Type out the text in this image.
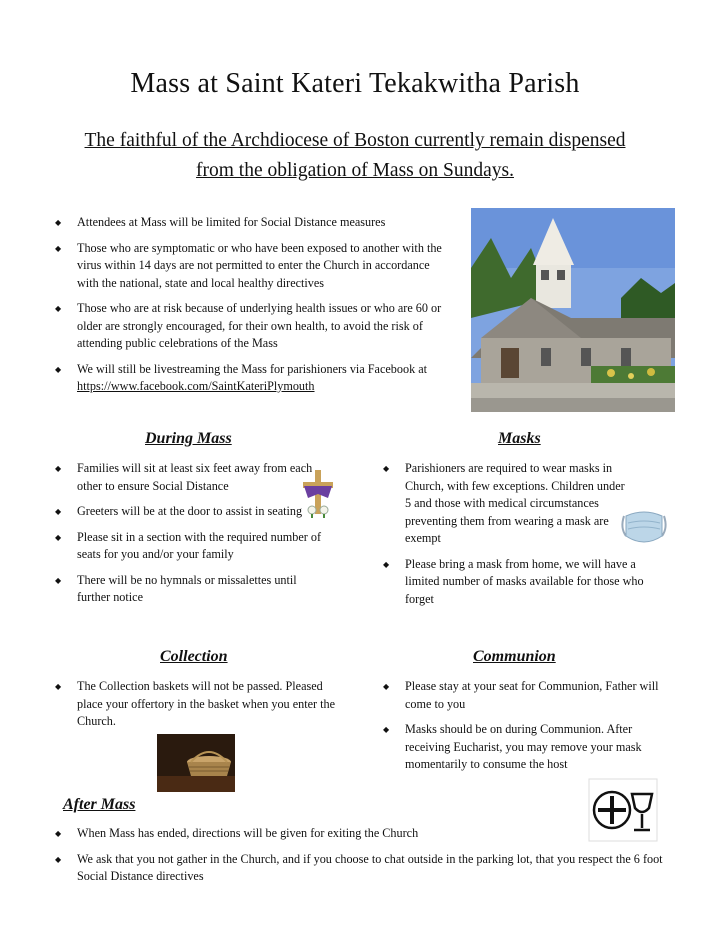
Mass at Saint Kateri Tekakwitha Parish
The faithful of the Archdiocese of Boston currently remain dispensed
from the obligation of Mass on Sundays.
◆ Attendees at Mass will be limited for Social Distance measures
◆ Those who are symptomatic or who have been exposed to another with the virus within 14 days are not permitted to enter the Church in accordance with the national, state and local healthy directives
◆ Those who are at risk because of underlying health issues or who are 60 or older are strongly encouraged, for their own health, to avoid the risk of attending public celebrations of the Mass
◆ We will still be livestreaming the Mass for parishioners via Facebook at https://www.facebook.com/SaintKateriPlymouth
During Mass
◆ Families will sit at least six feet away from each other to ensure Social Distance
◆ Greeters will be at the door to assist in seating
◆ Please sit in a section with the required number of seats for you and/or your family
◆ There will be no hymnals or missalettes until further notice
Masks
◆ Parishioners are required to wear masks in Church, with few exceptions. Children under 5 and those with medical circumstances preventing them from wearing a mask are exempt
◆ Please bring a mask from home, we will have a limited number of masks available for those who forget
Collection
◆ The Collection baskets will not be passed. Pleased place your offertory in the basket when you enter the Church.
Communion
◆ Please stay at your seat for Communion, Father will come to you
◆ Masks should be on during Communion. After receiving Eucharist, you may remove your mask momentarily to consume the host
After Mass
◆ When Mass has ended, directions will be given for exiting the Church
◆ We ask that you not gather in the Church, and if you choose to chat outside in the parking lot, that you respect the 6 foot Social Distance directives
